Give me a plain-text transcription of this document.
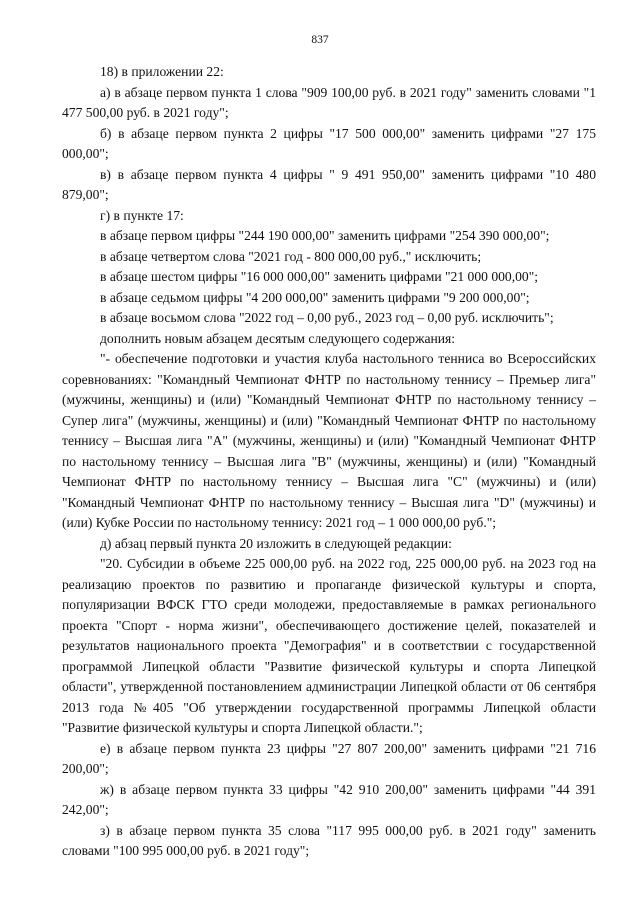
837

18) в приложении 22:

а) в абзаце первом пункта 1 слова "909 100,00 руб. в 2021 году" заменить словами "1 477 500,00 руб. в 2021 году";

б) в абзаце первом пункта 2 цифры "17 500 000,00" заменить цифрами "27 175 000,00";

в) в абзаце первом пункта 4 цифры " 9 491 950,00" заменить цифрами "10 480 879,00";

г) в пункте 17:

в абзаце первом цифры "244 190 000,00" заменить цифрами "254 390 000,00";

в абзаце четвертом слова "2021 год - 800 000,00 руб.," исключить;

в абзаце шестом цифры "16 000 000,00" заменить цифрами "21 000 000,00";

в абзаце седьмом цифры "4 200 000,00" заменить цифрами "9 200 000,00";

в абзаце восьмом слова "2022 год – 0,00 руб., 2023 год – 0,00 руб. исключить";

дополнить новым абзацем десятым следующего содержания:

"- обеспечение подготовки и участия клуба настольного тенниса во Всероссийских соревнованиях: "Командный Чемпионат ФНТР по настольному теннису – Премьер лига" (мужчины, женщины) и (или) "Командный Чемпионат ФНТР по настольному теннису – Супер лига" (мужчины, женщины) и (или) "Командный Чемпионат ФНТР по настольному теннису – Высшая лига "А" (мужчины, женщины) и (или) "Командный Чемпионат ФНТР по настольному теннису – Высшая лига "В" (мужчины, женщины) и (или) "Командный Чемпионат ФНТР по настольному теннису – Высшая лига "С" (мужчины) и (или) "Командный Чемпионат ФНТР по настольному теннису – Высшая лига "D" (мужчины) и (или) Кубке России по настольному теннису: 2021 год – 1 000 000,00 руб.";

д) абзац первый пункта 20 изложить в следующей редакции:

"20. Субсидии в объеме 225 000,00 руб. на 2022 год, 225 000,00 руб. на 2023 год на реализацию проектов по развитию и пропаганде физической культуры и спорта, популяризации ВФСК ГТО среди молодежи, предоставляемые в рамках регионального проекта "Спорт - норма жизни", обеспечивающего достижение целей, показателей и результатов национального проекта "Демография" и в соответствии с государственной программой Липецкой области "Развитие физической культуры и спорта Липецкой области", утвержденной постановлением администрации Липецкой области от 06 сентября 2013 года №405 "Об утверждении государственной программы Липецкой области "Развитие физической культуры и спорта Липецкой области.";

е) в абзаце первом пункта 23 цифры "27 807 200,00" заменить цифрами "21 716 200,00";

ж) в абзаце первом пункта 33 цифры "42 910 200,00" заменить цифрами "44 391 242,00";

з) в абзаце первом пункта 35 слова "117 995 000,00 руб. в 2021 году" заменить словами "100 995 000,00 руб. в 2021 году";
